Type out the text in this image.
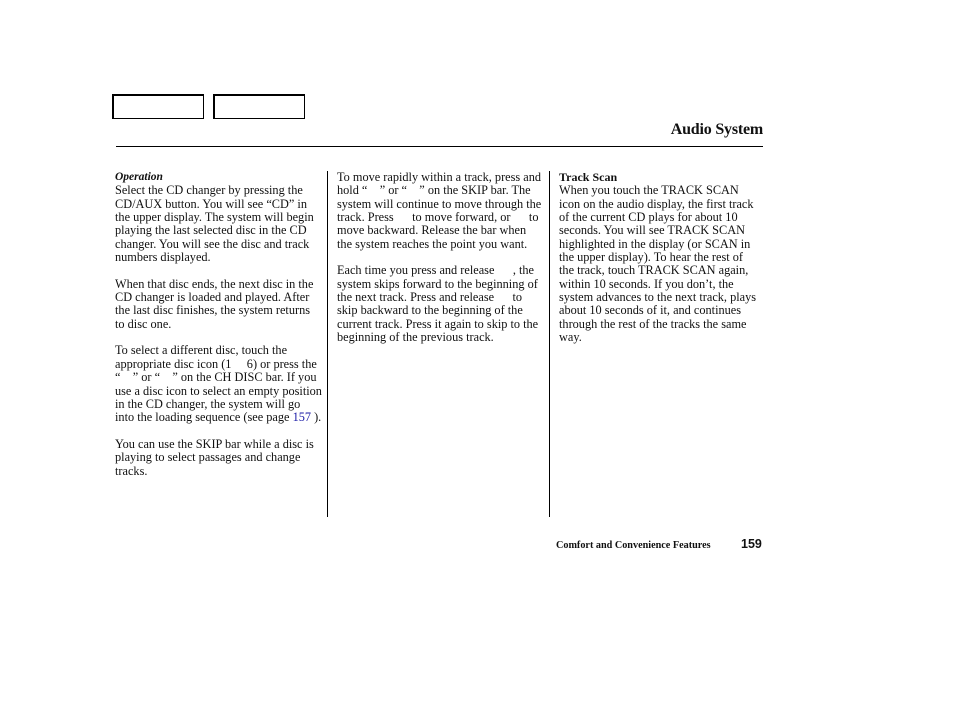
Audio System
Operation

Select the CD changer by pressing the CD/AUX button. You will see “CD” in the upper display. The system will begin playing the last selected disc in the CD changer. You will see the disc and track numbers displayed.

When that disc ends, the next disc in the CD changer is loaded and played. After the last disc finishes, the system returns to disc one.

To select a different disc, touch the appropriate disc icon (1     6) or press the “    ” or “    ” on the CH DISC bar. If you use a disc icon to select an empty position in the CD changer, the system will go into the loading sequence (see page 157 ).

You can use the SKIP bar while a disc is playing to select passages and change tracks.

To move rapidly within a track, press and hold “    ” or “    ” on the SKIP bar. The system will continue to move through the track. Press      to move forward, or      to move backward. Release the bar when the system reaches the point you want.

Each time you press and release      , the system skips forward to the beginning of the next track. Press and release      to skip backward to the beginning of the current track. Press it again to skip to the beginning of the previous track.

Track Scan

When you touch the TRACK SCAN icon on the audio display, the first track of the current CD plays for about 10 seconds. You will see TRACK SCAN highlighted in the display (or SCAN in the upper display). To hear the rest of the track, touch TRACK SCAN again, within 10 seconds. If you don’t, the system advances to the next track, plays about 10 seconds of it, and continues through the rest of the tracks the same way.

Comfort and Convenience Features 159
